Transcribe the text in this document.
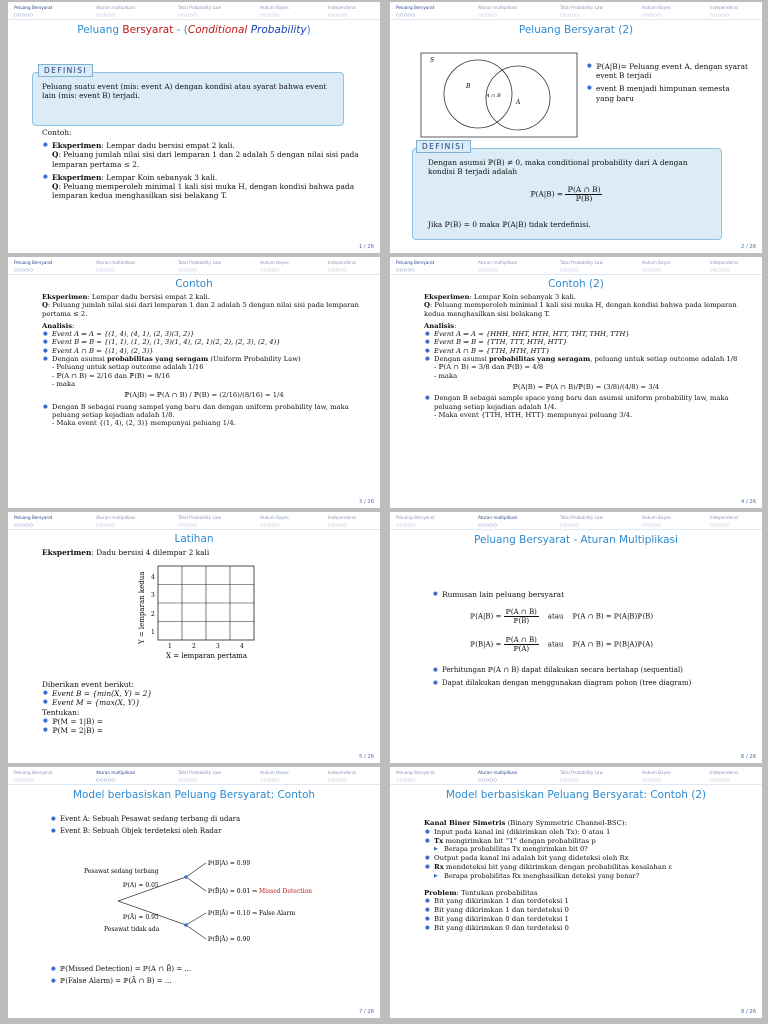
Peluang Bersyarat	Aturan multiplikasi	Total Probability Law	Hukum Bayes	Independensi
○○○○○	○○○○○	○○○○○	○○○○○	○○○○○
Peluang Bersyarat - (Conditional Probability)
DEFINISI
Peluang suatu event (mis: event A) dengan kondisi atau syarat bahwa event lain (mis: event B) terjadi.

Contoh:

● Eksperimen: Lempar dadu bersisi empat 2 kali.
Q: Peluang jumlah nilai sisi dari lemparan 1 dan 2 adalah 5 dengan nilai sisi pada lemparan pertama ≤ 2.
● Eksperimen: Lempar Koin sebanyak 3 kali.
Q: Peluang memperoleh minimal 1 kali sisi muka H, dengan kondisi bahwa pada lemparan kedua menghasilkan sisi belakang T.
1 / 26
Peluang Bersyarat	Aturan multiplikasi	Total Probability Law	Hukum Bayes	Independensi
○○○○○	○○○○○	○○○○○	○○○○○	○○○○○
Peluang Bersyarat (2)
S
B
A ∩ B
A
● ℙ(A|B)= Peluang event A, dengan syarat event B terjadi
● event B menjadi himpunan semesta yang baru
DEFINISI
Dengan asumsi ℙ(B) ≠ 0, maka conditional probability dari A dengan kondisi B terjadi adalah
ℙ(A|B) = $\frac{\text{ℙ(A ∩ B)}}{\text{ℙ(B)}}$
Jika ℙ(B) = 0 maka ℙ(A|B) tidak terdefinisi.
2 / 26
Peluang Bersyarat	Aturan multiplikasi	Total Probability Law	Hukum Bayes	Independensi
○○○○○	○○○○○	○○○○○	○○○○○	○○○○○
Contoh

Eksperimen: Lempar dadu bersisi empat 2 kali.

Q: Peluang jumlah nilai sisi dari lemparan 1 dan 2 adalah 5 dengan nilai sisi pada lemparan pertama ≤ 2.

Analisis:

● Event A ⇒ A = {(1, 4), (4, 1), (2, 3)(3, 2)}
● Event B ⇒ B = {(1, 1), (1, 2), (1, 3)(1, 4), (2, 1)(2, 2), (2, 3), (2, 4)}
● Event A ∩ B = {(1, 4), (2, 3)}
● Dengan asumsi probabilitas yang seragam (Uniform Probability Law)
- Peluang untuk setiap outcome adalah 1/16
- ℙ(A ∩ B) = 2/16 dan ℙ(B) = 8/16
- maka

ℙ(A|B) = ℙ(A ∩ B) / ℙ(B) = (2/16)/(8/16) = 1/4

● Dengan B sebagai ruang sampel yang baru dan dengan uniform probability law, maka peluang setiap kejadian adalah 1/8.
- Maka event {(1, 4), (2, 3)} mempunyai peluang 1/4.
3 / 26
Peluang Bersyarat	Aturan multiplikasi	Total Probability Law	Hukum Bayes	Independensi
○○○○○	○○○○○	○○○○○	○○○○○	○○○○○
Contoh (2)

Eksperimen: Lempar Koin sebanyak 3 kali.

Q: Peluang memperoleh minimal 1 kali sisi muka H, dengan kondisi bahwa pada lemparan kedua menghasilkan sisi belakang T.

Analisis:

● Event A ⇒ A = {HHH, HHT, HTH, HTT, THT, THH, TTH}
● Event B ⇒ B = {TTH, TTT, HTH, HTT}
● Event A ∩ B = {TTH, HTH, HTT}
● Dengan asumsi probabilitas yang seragam, peluang untuk setiap outcome adalah 1/8
- ℙ(A ∩ B) = 3/8 dan ℙ(B) = 4/8
- maka

ℙ(A|B) = ℙ(A ∩ B)/ℙ(B) = (3/8)/(4/8) = 3/4

● Dengan B sebagai sample space yang baru dan asumsi uniform probability law, maka peluang setiap kejadian adalah 1/4.
- Maka event {TTH, HTH, HTT} mempunyai peluang 3/4.
4 / 26
Peluang Bersyarat	Aturan multiplikasi	Total Probability Law	Hukum Bayes	Independensi
○○○○○	○○○○○	○○○○○	○○○○○	○○○○○
Latihan

Eksperimen: Dadu bersisi 4 dilempar 2 kali

4
3
2
1
1	2	3	4
X = lemparan pertama
Y = lemparan kedua

Diberikan event berikut:

● Event B = {min(X, Y) = 2}
● Event M = {max(X, Y)}

Tentukan:

● ℙ(M = 1|B) =
● ℙ(M = 2|B) =
5 / 26
Peluang Bersyarat	Aturan multiplikasi	Total Probability Law	Hukum Bayes	Independensi
○○○○○	○○○○○	○○○○○	○○○○○	○○○○○
Peluang Bersyarat - Aturan Multiplikasi
● Rumusan lain peluang bersyarat
ℙ(A|B) = $\frac{\text{ℙ(A ∩ B)}}{\text{ℙ(B)}}$ atau ℙ(A ∩ B) = ℙ(A|B)ℙ(B)
ℙ(B|A) = $\frac{\text{ℙ(A ∩ B)}}{\text{ℙ(A)}}$ atau ℙ(A ∩ B) = ℙ(B|A)ℙ(A)
● Perhitungan ℙ(A ∩ B) dapat dilakukan secara bertahap (sequential)
● Dapat dilakukan dengan menggunakan diagram pohon (tree diagram)
6 / 26
Peluang Bersyarat	Aturan multiplikasi	Total Probability Law	Hukum Bayes	Independensi
○○○○○	○○○○○	○○○○○	○○○○○	○○○○○
Model berbasiskan Peluang Bersyarat: Contoh
● Event A: Sebuah Pesawat sedang terbang di udara
● Event B: Sebuah Objek terdeteksi oleh Radar
Pesawat sedang terbang
ℙ(A) = 0.05
ℙ(Ā) = 0.95
Pesawat tidak ada
ℙ(B|A) = 0.99
ℙ(B̄|A) = 0.01 ⇒ Missed Detection
ℙ(B|Ā) = 0.10 ⇒ False Alarm
ℙ(B̄|Ā) = 0.90
● ℙ(Missed Detection) = ℙ(A ∩ B̄) = ...
● ℙ(False Alarm) = ℙ(Ā ∩ B) = ...
7 / 26
Peluang Bersyarat	Aturan multiplikasi	Total Probability Law	Hukum Bayes	Independensi
○○○○○	○○○○○	○○○○○	○○○○○	○○○○○
Model berbasiskan Peluang Bersyarat: Contoh (2)

Kanal Biner Simetris (Binary Symmetric Channel-BSC):

● Input pada kanal ini (dikirimkan oleh Tx): 0 atau 1
● Tx mengirimkan bit “1” dengan probabilitas p
▶ Berapa probabilitas Tx mengirimkan bit 0?
● Output pada kanal ini adalah bit yang dideteksi oleh Rx
● Rx mendeteksi bit yang dikirimkan dengan probabilitas kesalahan ε
▶ Berapa probabilitas Rx menghasilkan deteksi yang benar?

Problem: Tentukan probabilitas

● Bit yang dikirimkan 1 dan terdeteksi 1
● Bit yang dikirimkan 1 dan terdeteksi 0
● Bit yang dikirimkan 0 dan terdeteksi 1
● Bit yang dikirimkan 0 dan terdeteksi 0
8 / 26
